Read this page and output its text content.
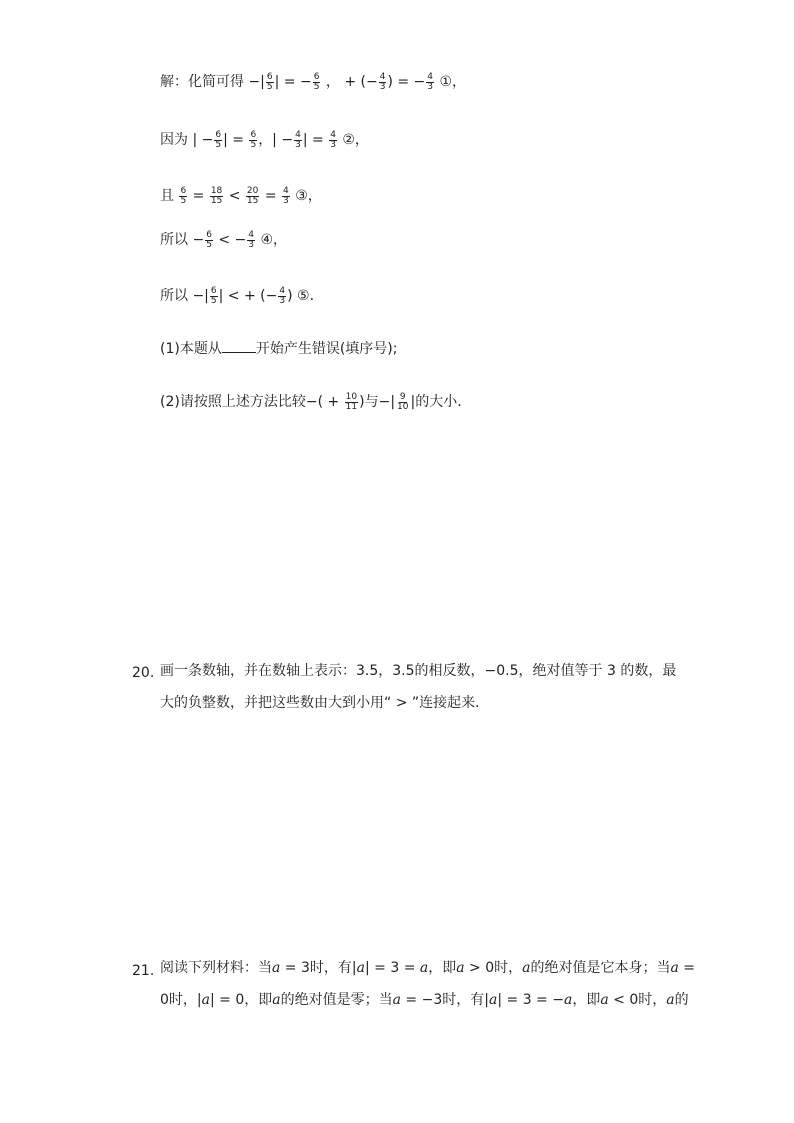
解：化简可得 −| $\frac{6}{5}$ | = − $\frac{6}{5}$ ， + (− $\frac{4}{3}$ ) = − $\frac{4}{3}$ ①，
因为 | − $\frac{6}{5}$ | = $\frac{6}{5}$ ，| − $\frac{4}{3}$ | = $\frac{4}{3}$ ②，
且 $\frac{6}{5} = \frac{18}{15} < \frac{20}{15} = \frac{4}{3}$ ③，
所以 − $\frac{6}{5}$ < − $\frac{4}{3}$ ④，
所以 −| $\frac{6}{5}$ | < + (− $\frac{4}{3}$ ) ⑤.
(1)本题从 开始产生错误(填序号);
(2)请按照上述方法比较−( + $\frac{10}{11}$ )与−| $\frac{9}{10}$ |的大小．
20. 画一条数轴，并在数轴上表示：3.5，3.5的相反数，−0.5，绝对值等于 3 的数，最
大的负整数，并把这些数由大到小用“ > ”连接起来．
21. 阅读下列材料：当a = 3时，有|a| = 3 = a，即a > 0时，a的绝对值是它本身；当a =
0时，|a| = 0，即a的绝对值是零；当a = −3时，有|a| = 3 = −a，即a < 0时，a的
